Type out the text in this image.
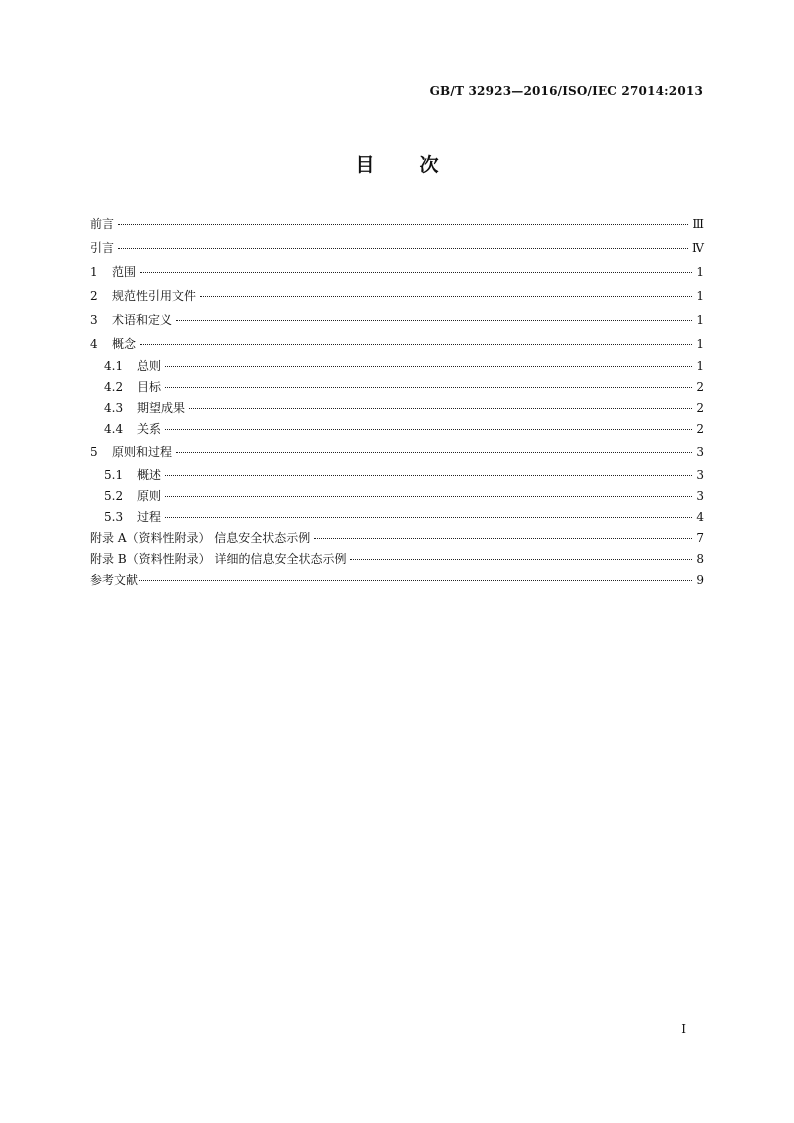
GB/T 32923—2016/ISO/IEC 27014:2013
目次
前言	Ⅲ
引言	Ⅳ
1 范围	1
2 规范性引用文件	1
3 术语和定义	1
4 概念	1
4.1 总则	1
4.2 目标	2
4.3 期望成果	2
4.4 关系	2
5 原则和过程	3
5.1 概述	3
5.2 原则	3
5.3 过程	4
附录 A（资料性附录） 信息安全状态示例	7
附录 B（资料性附录） 详细的信息安全状态示例	8
参考文献	9
I
